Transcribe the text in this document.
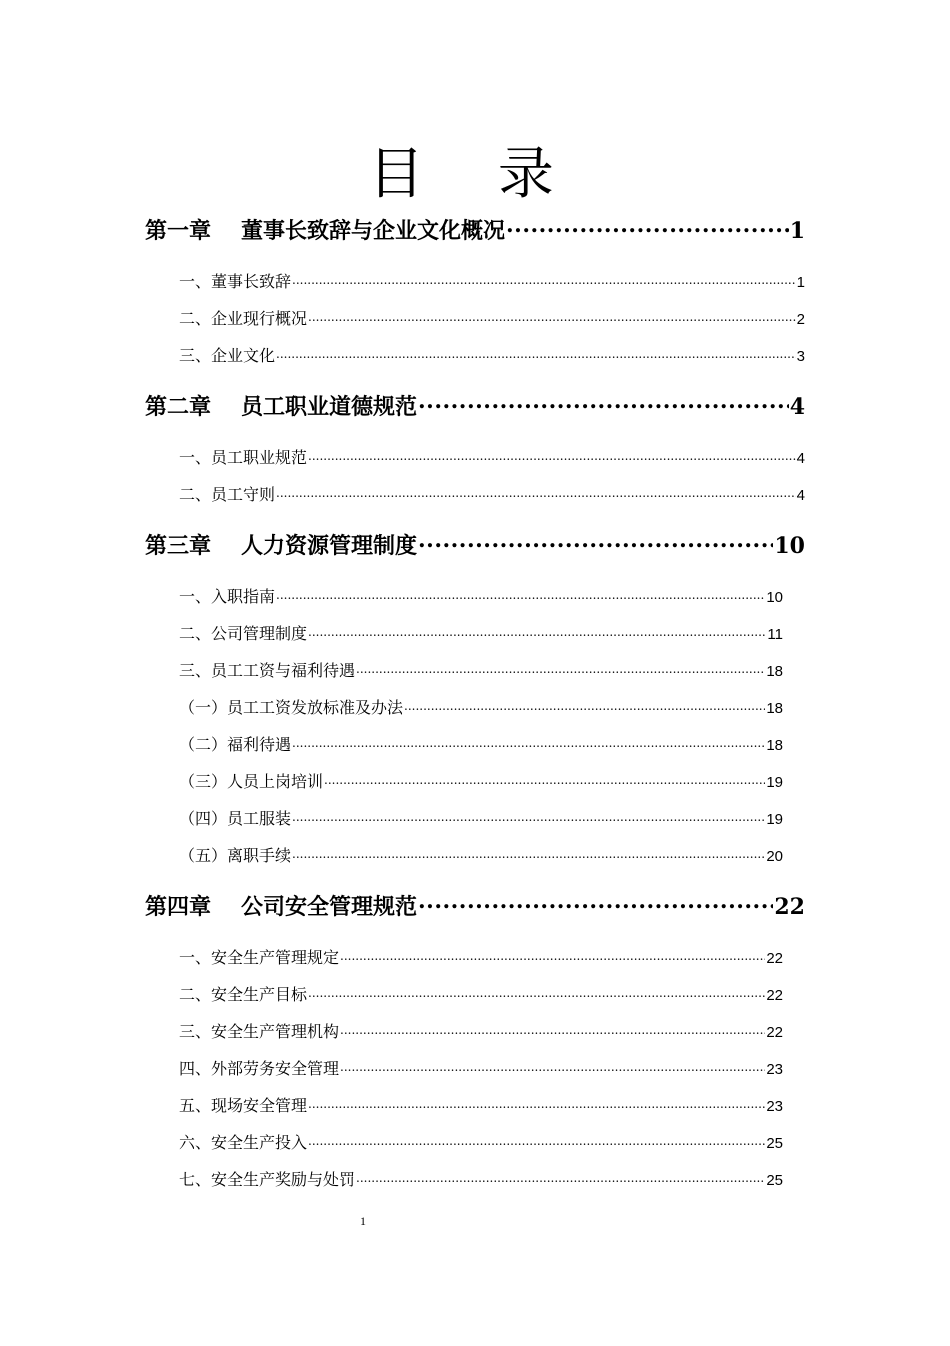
目 录
第一章 董事长致辞与企业文化概况 .....	1
一、董事长致辞 .....	1
二、企业现行概况 .....	2
三、企业文化 .....	3
第二章 员工职业道德规范 .....	4
一、员工职业规范 .....	4
二、员工守则 .....	4
第三章 人力资源管理制度 .....	10
一、入职指南 .....	10
二、公司管理制度 .....	11
三、员工工资与福利待遇 .....	18
（一）员工工资发放标准及办法 .....	18
（二）福利待遇 .....	18
（三）人员上岗培训 .....	19
（四）员工服装 .....	19
（五）离职手续 .....	20
第四章 公司安全管理规范 .....	22
一、安全生产管理规定 .....	22
二、安全生产目标 .....	22
三、安全生产管理机构 .....	22
四、外部劳务安全管理 .....	23
五、现场安全管理 .....	23
六、安全生产投入 .....	25
七、安全生产奖励与处罚 .....	25
1
